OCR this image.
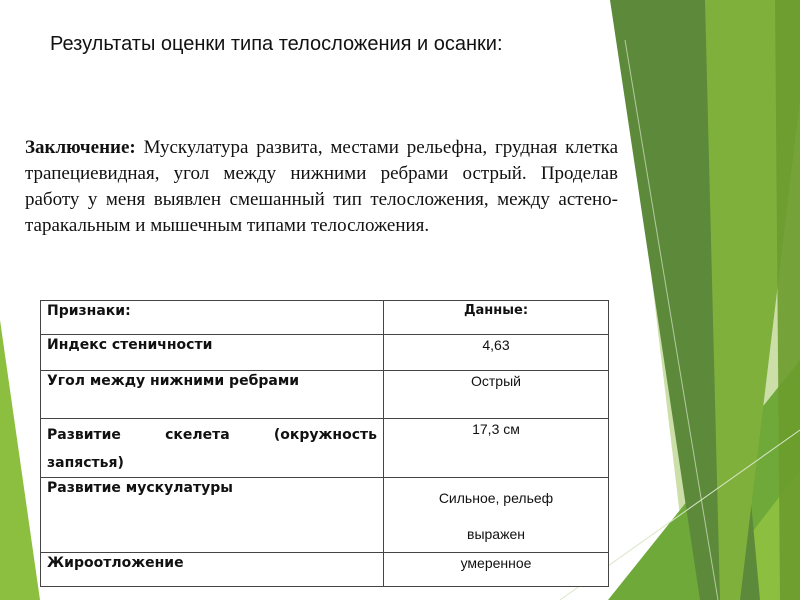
Результаты оценки типа телосложения и осанки:
Заключение: Мускулатура развита, местами рельефна, грудная клетка трапециевидная, угол между нижними ребрами острый. Проделав работу у меня выявлен смешанный тип телосложения, между астено-таракальным и мышечным типами телосложения.
Признаки:	Данные:
Индекс стеничности	4,63
Угол между нижними ребрами	Острый
Развитие скелета (окружность запястья)	17,3 см
Развитие мускулатуры	Сильное, рельеф выражен
Жироотложение	умеренное
